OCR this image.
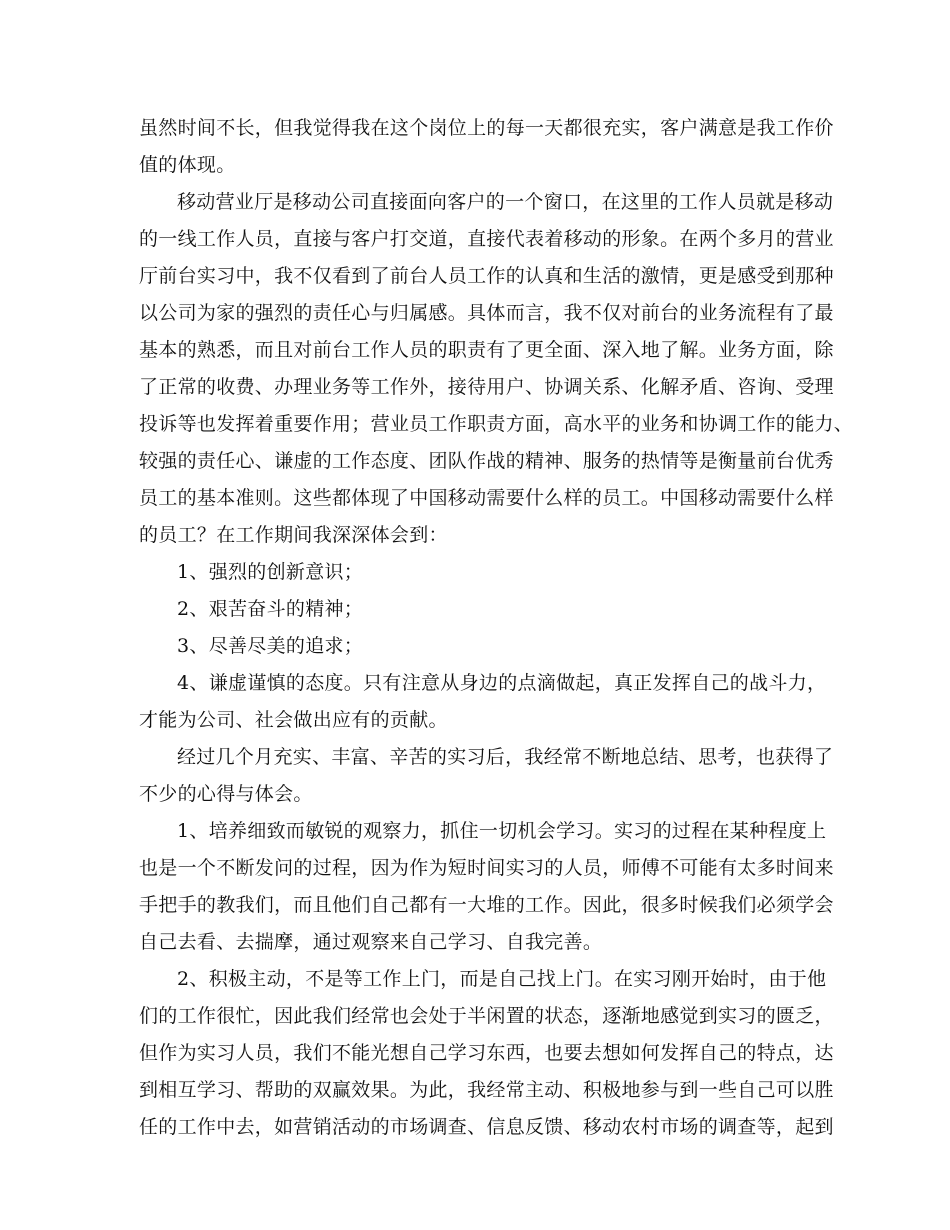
虽然时间不长，但我觉得我在这个岗位上的每一天都很充实，客户满意是我工作价
值的体现。
移动营业厅是移动公司直接面向客户的一个窗口，在这里的工作人员就是移动
的一线工作人员，直接与客户打交道，直接代表着移动的形象。在两个多月的营业
厅前台实习中，我不仅看到了前台人员工作的认真和生活的激情，更是感受到那种
以公司为家的强烈的责任心与归属感。具体而言，我不仅对前台的业务流程有了最
基本的熟悉，而且对前台工作人员的职责有了更全面、深入地了解。业务方面，除
了正常的收费、办理业务等工作外，接待用户、协调关系、化解矛盾、咨询、受理
投诉等也发挥着重要作用；营业员工作职责方面，高水平的业务和协调工作的能力、
较强的责任心、谦虚的工作态度、团队作战的精神、服务的热情等是衡量前台优秀
员工的基本准则。这些都体现了中国移动需要什么样的员工。中国移动需要什么样
的员工？在工作期间我深深体会到：
1、强烈的创新意识；
2、艰苦奋斗的精神；
3、尽善尽美的追求；
4、谦虚谨慎的态度。只有注意从身边的点滴做起，真正发挥自己的战斗力，
才能为公司、社会做出应有的贡献。
经过几个月充实、丰富、辛苦的实习后，我经常不断地总结、思考，也获得了
不少的心得与体会。
1、培养细致而敏锐的观察力，抓住一切机会学习。实习的过程在某种程度上
也是一个不断发问的过程，因为作为短时间实习的人员，师傅不可能有太多时间来
手把手的教我们，而且他们自己都有一大堆的工作。因此，很多时候我们必须学会
自己去看、去揣摩，通过观察来自己学习、自我完善。
2、积极主动，不是等工作上门，而是自己找上门。在实习刚开始时，由于他
们的工作很忙，因此我们经常也会处于半闲置的状态，逐渐地感觉到实习的匮乏，
但作为实习人员，我们不能光想自己学习东西，也要去想如何发挥自己的特点，达
到相互学习、帮助的双赢效果。为此，我经常主动、积极地参与到一些自己可以胜
任的工作中去，如营销活动的市场调查、信息反馈、移动农村市场的调查等，起到
